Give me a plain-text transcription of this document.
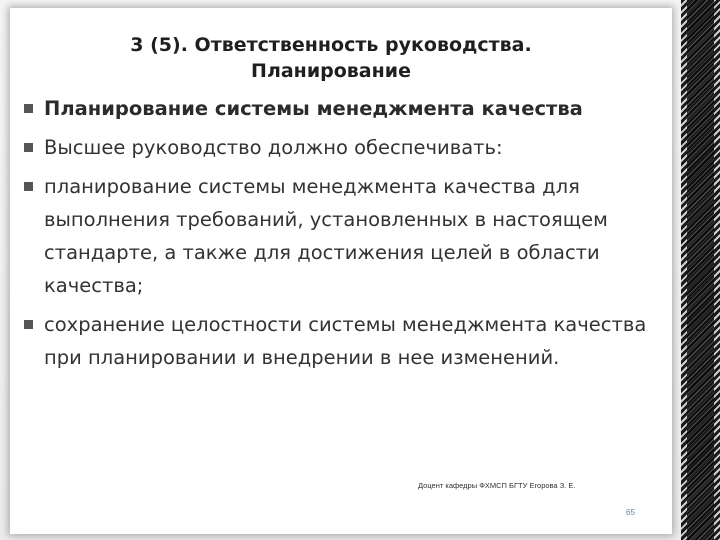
3 (5). Ответственность руководства.
Планирование
Планирование системы менеджмента качества
Высшее руководство должно обеспечивать:
планирование системы менеджмента качества для выполнения требований, установленных в настоящем стандарте, а также для достижения целей в области качества;
сохранение целостности системы менеджмента качества при планировании и внедрении в нее изменений.
Доцент кафедры ФХМСП БГТУ Егорова З. Е.
65
